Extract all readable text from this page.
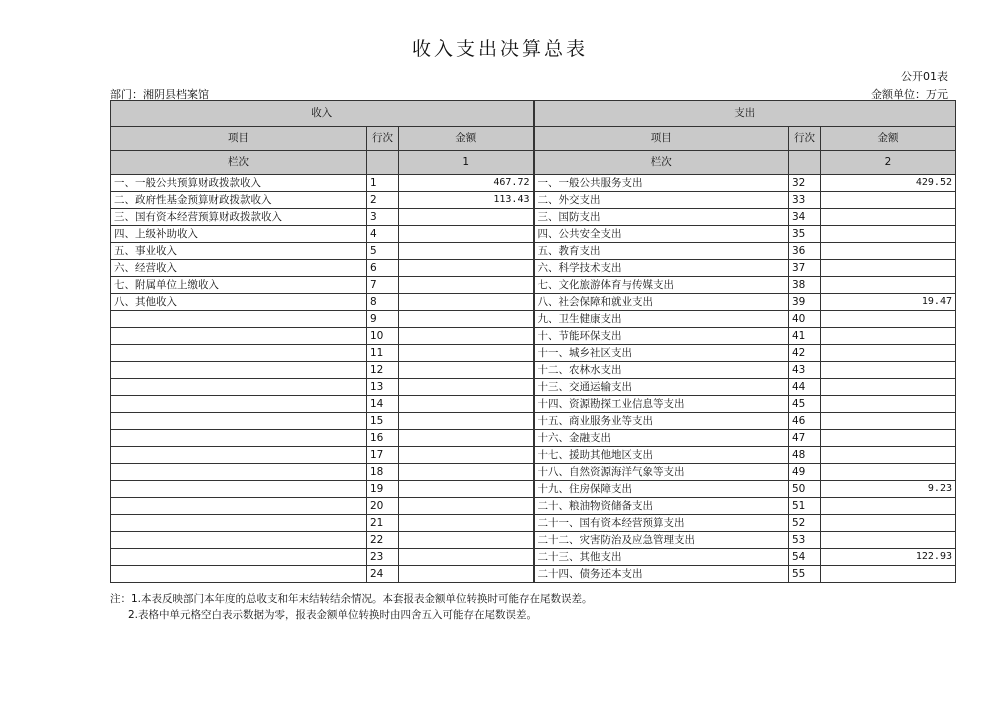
收入支出决算总表
公开01表
部门：湘阴县档案馆	金额单位：万元
收入			支出		
项目	行次	金额	项目	行次	金额
栏次		1	栏次		2
一、一般公共预算财政拨款收入	1	467.72	一、一般公共服务支出	32	429.52
二、政府性基金预算财政拨款收入	2	113.43	二、外交支出	33	
三、国有资本经营预算财政拨款收入	3		三、国防支出	34	
四、上级补助收入	4		四、公共安全支出	35	
五、事业收入	5		五、教育支出	36	
六、经营收入	6		六、科学技术支出	37	
七、附属单位上缴收入	7		七、文化旅游体育与传媒支出	38	
八、其他收入	8		八、社会保障和就业支出	39	19.47
	9		九、卫生健康支出	40	
	10		十、节能环保支出	41	
	11		十一、城乡社区支出	42	
	12		十二、农林水支出	43	
	13		十三、交通运输支出	44	
	14		十四、资源勘探工业信息等支出	45	
	15		十五、商业服务业等支出	46	
	16		十六、金融支出	47	
	17		十七、援助其他地区支出	48	
	18		十八、自然资源海洋气象等支出	49	
	19		十九、住房保障支出	50	9.23
	20		二十、粮油物资储备支出	51	
	21		二十一、国有资本经营预算支出	52	
	22		二十二、灾害防治及应急管理支出	53	
	23		二十三、其他支出	54	122.93
	24		二十四、债务还本支出	55	
注：1.本表反映部门本年度的总收支和年末结转结余情况。本套报表金额单位转换时可能存在尾数误差。
2.表格中单元格空白表示数据为零，报表金额单位转换时由四舍五入可能存在尾数误差。
